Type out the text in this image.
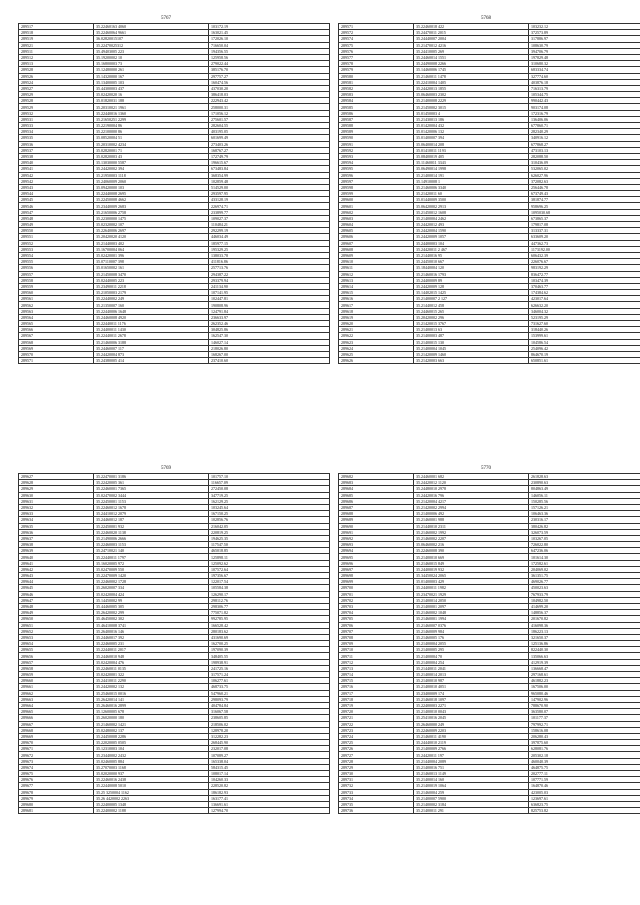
5767
289517	35.22460163 4060	103172.19
289518	35.22460064 9661	163021.45
289519	36.02820015107	172026.10
289521	35.22470025312	716650.04
289511	35.49403005 223	194356.55
289512	35.19200002 10	125958.56
289513	35.16800003 73	279022.44
289528	35.12480000 261	385176.70
289526	35.14320000 167	297757.27
289524	35.13400005 103	160474.56
289527	35.44300003 437	437030.20
289529	35.02420020 16	386418.03
289528	35.01820031 188	222943.42
289529	35.20310021 1961	258000.31
289532	35.22440016 1360	171056.12
289531	35.21650251 2299	275601.57
289533	35.22190004 86	282604.55
289534	35.22100000 86	403195.05
289535	35.08520004 51	601699.49
289536	35.20310002 4234	273403.26
289537	35.02820001 71	168767.27
289538	35.02820003 43	172749.79
289540	35.13030000 5587	196615.67
289541	35.24420002 394	673483.84
289542	35.21950003 1118	368354.99
289542	35.24060009 2060	102859.48
289543	35.09420000 103	514529.00
289544	35.22440008 2695	293597.95
289545	35.22450008 4662	433128.19
289546	35.23440009 2683	226974.71
289547	35.21650006 2758	233899.77
289548	35.22300000 1475	109027.37
289549	35.02320002 107	110484.21
289550	35.22640006 2697	292299.19
289551	35.20420020 4120	446034.49
289552	35.21440003 402	185977.15
289553	35.16700004 064	195329.25
289554	35.02420001 396	138033.78
289555	35.07110007 398	411816.86
289556	35.01650002 161	257713.76
289557	35.21450008 3470	294387.22
289558	35.02440005 223	293379.94
289559	35.23490011 2218	241134.90
289560	35.21050003 2179	107141.95
289561	35.22440002 249	102447.81
289562	35.21350007 160	190808.96
289563	35.22440006 1648	124791.84
289564	35.24460008 4920	236633.97
289565	35.22440011 1176	262352.46
289566	35.24400011 1430	304825.86
289567	35.22440011 2678	162547.30
289568	35.21460006 3188	146027.14
289569	35.24460007 117	218026.80
289570	35.24420004 873	168267.00
289571	35.24380005 414	237410.60
5768
289571	35.22460018 422	103232.12
289572	35.24470011 2015	372573.89
289574	35.24440007 2004	317886.97
289575	35.21470012 4216	108630.79
289576	35.24410005 269	394706.79
289577	35.24460014 1551	197829.48
289578	35.24490008 2266	310680.32
289579	35.14460006 1745	683334.74
289580	35.21460011 1478	327774.60
289581	35.22410004 1405	403876.18
289582	35.24420013 1855	716313.79
289583	35.06460003 2302	105344.75
289584	35.21400008 2229	990442.43
289585	35.21450002 3015	903174.08
289586	35.01450003 4	172316.79
289587	35.21430013 186	136406.06
289588	35.01420004 432	677860.71
289589	35.01420006 132	282340.29
289590	35.01400007 394	340916.12
289591	35.06400014 208	677868.27
289592	35.01410011 1193	473103.13
289593	35.08400019 405	282088.50
289594	35.11460011 3343	310436.09
289595	35.06490014 1998	532065.02
289596	35.21400014 191	626027.96
289597	35.14910008 1	372082.63
289598	35.21460006 3340	256446.78
289599	35.21420011 60	673749.43
289600	35.01440009 3500	381874.77
289601	35.06420002 2913	958696.25
289602	35.21450012 1608	1095030.68
289603	35.21400004 2462	673865.37
289604	35.24420012 493	179817.08
289605	35.24420004 1590	313337.31
289606	35.24420009 1057	633609.20
289607	35.24400003 104	447362.73
289608	35.24420011 2 467	1173192.00
289609	35.21440016 95	606432.39
289610	35.24450010 667	226076.67
289611	35.18440004 120	983192.29
289612	35.21460016 1793	836472.77
289613	35.24400009 89	103474.39
289614	35.24420009 128	370463.77
289615	35.14402015 1425	174384.62
289616	35.21400007 2 127	423017.64
289617	35.21440012 458	626632.20
289618	35.24460015 265	346004.32
289619	35.20420002 296	523195.29
289620	35.21420015 3767	731627.60
289621	35.21400013 63	318440.26
289622	35.21400003 487	153999.61
289623	35.21400015 130	104586.54
289624	35.21400004 1045	254096.42
289625	35.21420009 1460	864670.19
289626	35.21420003 663	650851.61
5769
289627	35.22470001 3186	101757.10
289628	35.22420005 361	116657.09
289629	35.22460001 7365	272450.08
289630	35.02470002 3444	347719.25
289631	35.22450001 1153	162129.25
289632	35.22460012 1678	103245.64
289633	35.24410012 2079	167150.25
289634	35.24460012 187	102856.76
289635	35.22450001 932	216042.05
289636	35.22460020 1138	220819.25
289637	35.21490006 2666	194625.35
289638	35.22460003 1153	117547.50
289639	35.24710021 140	465018.85
289640	35.22440011 1797	125898.11
289641	35.16020005 972	125092.62
289642	35.02470009 550	107572.64
289643	35.22470009 1420	197356.67
289644	35.22460002 1728	122017.54
289645	35.26020007 334	105584.38
289646	35.02420004 424	126290.17
289647	35.14450002 99	298112.76
289648	35.44460005 305	298306.77
289649	35.26420002 299	775071.82
289650	35.46450002 302	992785.95
289651	35.46410008 3741	166528.42
289652	35.26400016 146	280183.62
289653	35.24460017 392	431690.69
289654	35.22460005 231	162700.25
289655	35.22440011 2017	197090.39
289656	35.24460010 948	348405.55
289657	35.02420004 476	198938.91
289658	35.22460011 0135	241725.16
289659	35.02420001 322	317571.24
289660	35.24410011 2290	106277.61
289661	35.24420002 132	468733.75
289662	35.25460015 0016	547960.21
289663	35.26420014 141	298093.79
289664	35.26460016 2899	404784.84
289665	35.12600005 678	316067.58
289666	35.26020000 180	238605.85
289667	35.21460002 1421	218506.02
289668	35.02480002 137	128978.20
289669	35.24450008 2286	312282.23
289670	35.22020005 0505	268445.90
289671	35.12310003 104	232017.08
289672	35.23440002 2432	107089.27
289673	35.02460005 884	165338.04
289674	35.27070003 1168	584315.45
289675	35.02020000 937	108017.14
289676	35.22460016 2438	104260.33
289677	35.22440008 5010	228520.82
289678	35.25 3250004 1162	186182.93
289679	35.26 4420002 2263	163177.41
289680	35.22400005 1348	136691.61
289681	35.22400002 1188	127994.70
5770
289682	35.24460001 682	261828.63
289683	35.24420012 1120	230890.63
289684	35.24480010 2978	804863.49
289685	35.24420016 796	146056.11
289686	35.21420004 4217	150285.56
289687	35.21420002 2994	157126.21
289688	35.21400006 492	106463.36
289689	35.21460001 988	230316.17
289690	35.21440010 2311	380426.82
289691	35.21460002 1992	326073.59
289692	35.21460002 2207	103267.05
289693	35.06460002 216	726022.80
289694	35.22460008 390	647236.06
289695	35.21400010 669	101614.30
289696	35.21460015 849	172582.61
289697	35.24400019 932	204069.02
289698	35.34450024 2065	361351.75
289699	35.01400003 429	469026.77
289700	35.24400011 1982	450023.63
289701	35.23470021 1929	767933.79
289702	35.21400014 2050	104982.50
289703	35.21400001 2097	414699.20
289704	35.21460002 1048	148856.37
289705	35.21460001 1994	201670.82
289706	35.21460007 0376	416098.36
289707	35.21460009 984	186223.13
289708	35.21460005 176	321650.37
289709	35.21400004 2055	125136.86
289710	35.21400005 295	822440.30
289711	35.21400004 70	135066.63
289712	35.21400004 254	412919.39
289713	35.21440011 2041	136668.47
289714	35.21400014 2013	297168.61
289715	35.21400010 987	461882.23
289716	35.21400010 4051	167506.00
289717	35.23400009 174	965080.46
289718	35.21460018 1097	147902.96
289719	35.22400003 2271	788670.90
289720	35.21400010 0043	363580.07
289721	35.25410016 2045	101177.37
289722	35.26460000 249	797992.71
289723	35.22460009 2203	158616.08
289724	35.21460011 4190	206280.43
289725	35.24440010 2119	397875.60
289726	35.21400009 2766	628081.76
289727	35.24420011 197	205302.18
289728	35.21440004 2089	460040.39
289729	35.21400016 751	464875.75
289730	35.21460013 1149	202777.11
289731	35.21400014 160	107771.59
289732	35.21400019 1064	164870.46
289733	35.21460004 259	423005.03
289734	35.21400007 5900	123697.61
289735	35.21400002 3184	636823.75
289736	35.21400011 291	825753.82
